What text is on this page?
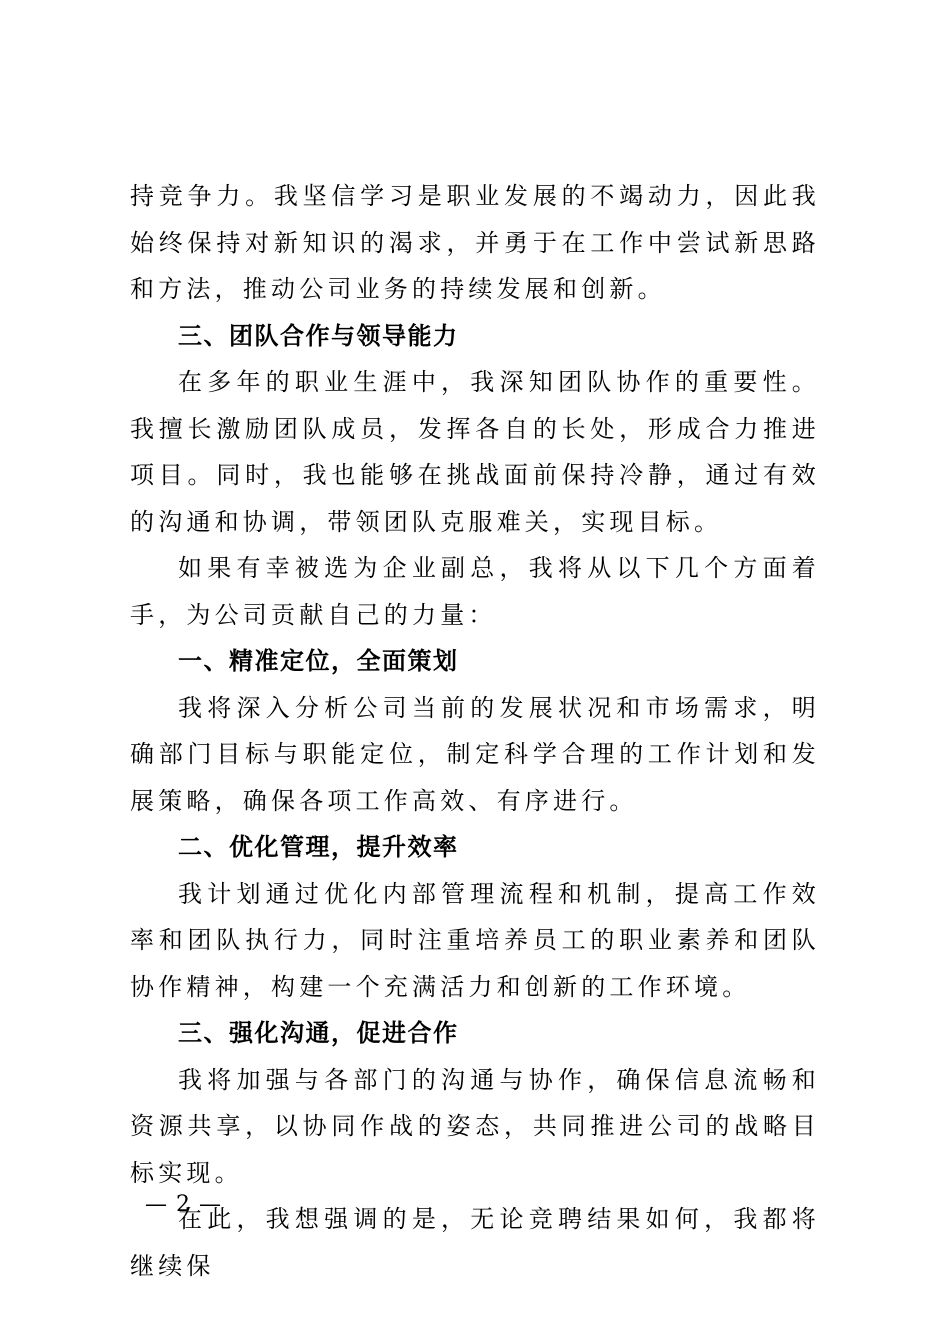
持竞争力。我坚信学习是职业发展的不竭动力，因此我始终保持对新知识的渴求，并勇于在工作中尝试新思路和方法，推动公司业务的持续发展和创新。

三、团队合作与领导能力

在多年的职业生涯中，我深知团队协作的重要性。我擅长激励团队成员，发挥各自的长处，形成合力推进项目。同时，我也能够在挑战面前保持冷静，通过有效的沟通和协调，带领团队克服难关，实现目标。

如果有幸被选为企业副总，我将从以下几个方面着手，为公司贡献自己的力量：

一、精准定位，全面策划

我将深入分析公司当前的发展状况和市场需求，明确部门目标与职能定位，制定科学合理的工作计划和发展策略，确保各项工作高效、有序进行。

二、优化管理，提升效率

我计划通过优化内部管理流程和机制，提高工作效率和团队执行力，同时注重培养员工的职业素养和团队协作精神，构建一个充满活力和创新的工作环境。

三、强化沟通，促进合作

我将加强与各部门的沟通与协作，确保信息流畅和资源共享，以协同作战的姿态，共同推进公司的战略目标实现。

在此，我想强调的是，无论竞聘结果如何，我都将继续保

— 2 —
